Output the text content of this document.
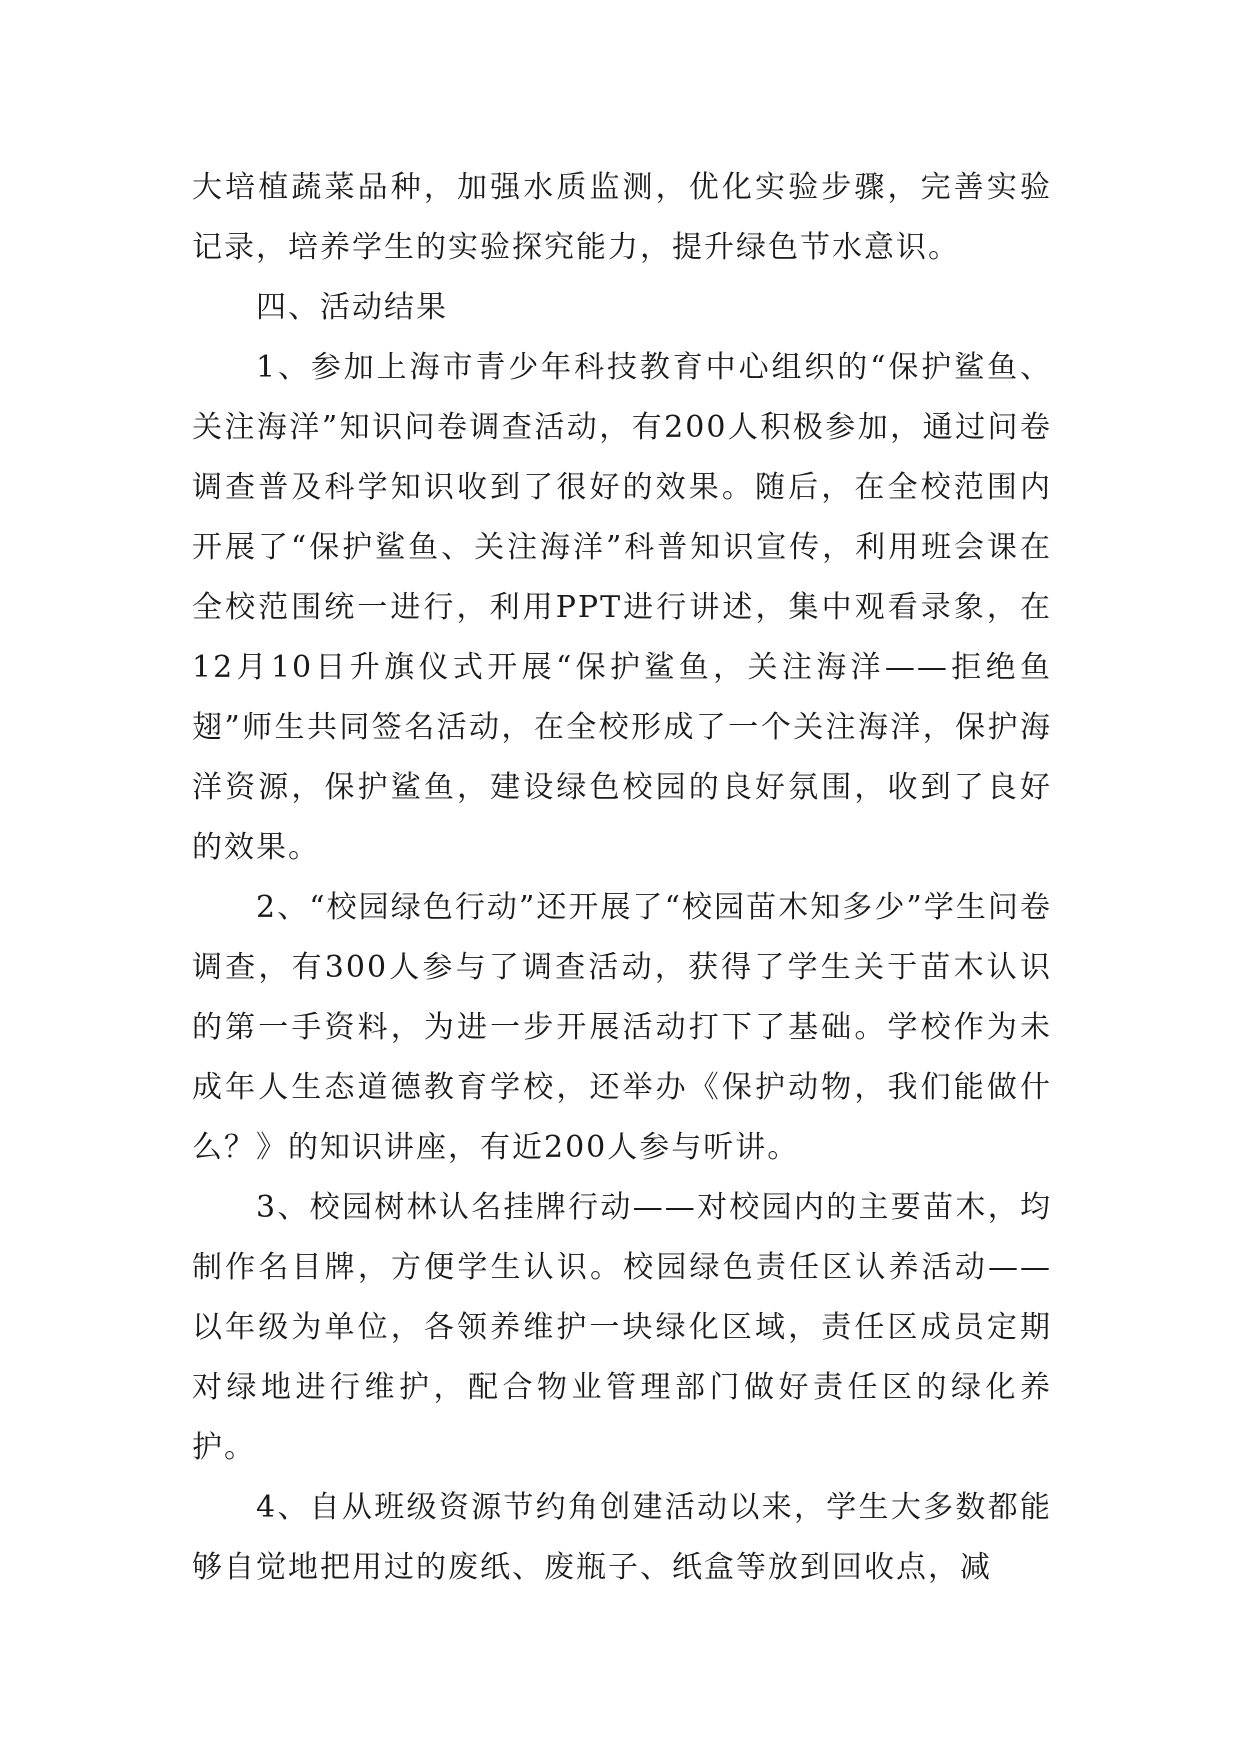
大培植蔬菜品种，加强水质监测，优化实验步骤，完善实验记录，培养学生的实验探究能力，提升绿色节水意识。

四、活动结果

1、参加上海市青少年科技教育中心组织的“保护鲨鱼、关注海洋”知识问卷调查活动，有200人积极参加，通过问卷调查普及科学知识收到了很好的效果。随后，在全校范围内开展了“保护鲨鱼、关注海洋”科普知识宣传，利用班会课在全校范围统一进行，利用PPT进行讲述，集中观看录象，在12月10日升旗仪式开展“保护鲨鱼，关注海洋——拒绝鱼翅”师生共同签名活动，在全校形成了一个关注海洋，保护海洋资源，保护鲨鱼，建设绿色校园的良好氛围，收到了良好的效果。

2、“校园绿色行动”还开展了“校园苗木知多少”学生问卷调查，有300人参与了调查活动，获得了学生关于苗木认识的第一手资料，为进一步开展活动打下了基础。学校作为未成年人生态道德教育学校，还举办《保护动物，我们能做什么？》的知识讲座，有近200人参与听讲。

3、校园树林认名挂牌行动——对校园内的主要苗木，均制作名目牌，方便学生认识。校园绿色责任区认养活动——以年级为单位，各领养维护一块绿化区域，责任区成员定期对绿地进行维护，配合物业管理部门做好责任区的绿化养护。

4、自从班级资源节约角创建活动以来，学生大多数都能够自觉地把用过的废纸、废瓶子、纸盒等放到回收点，减
